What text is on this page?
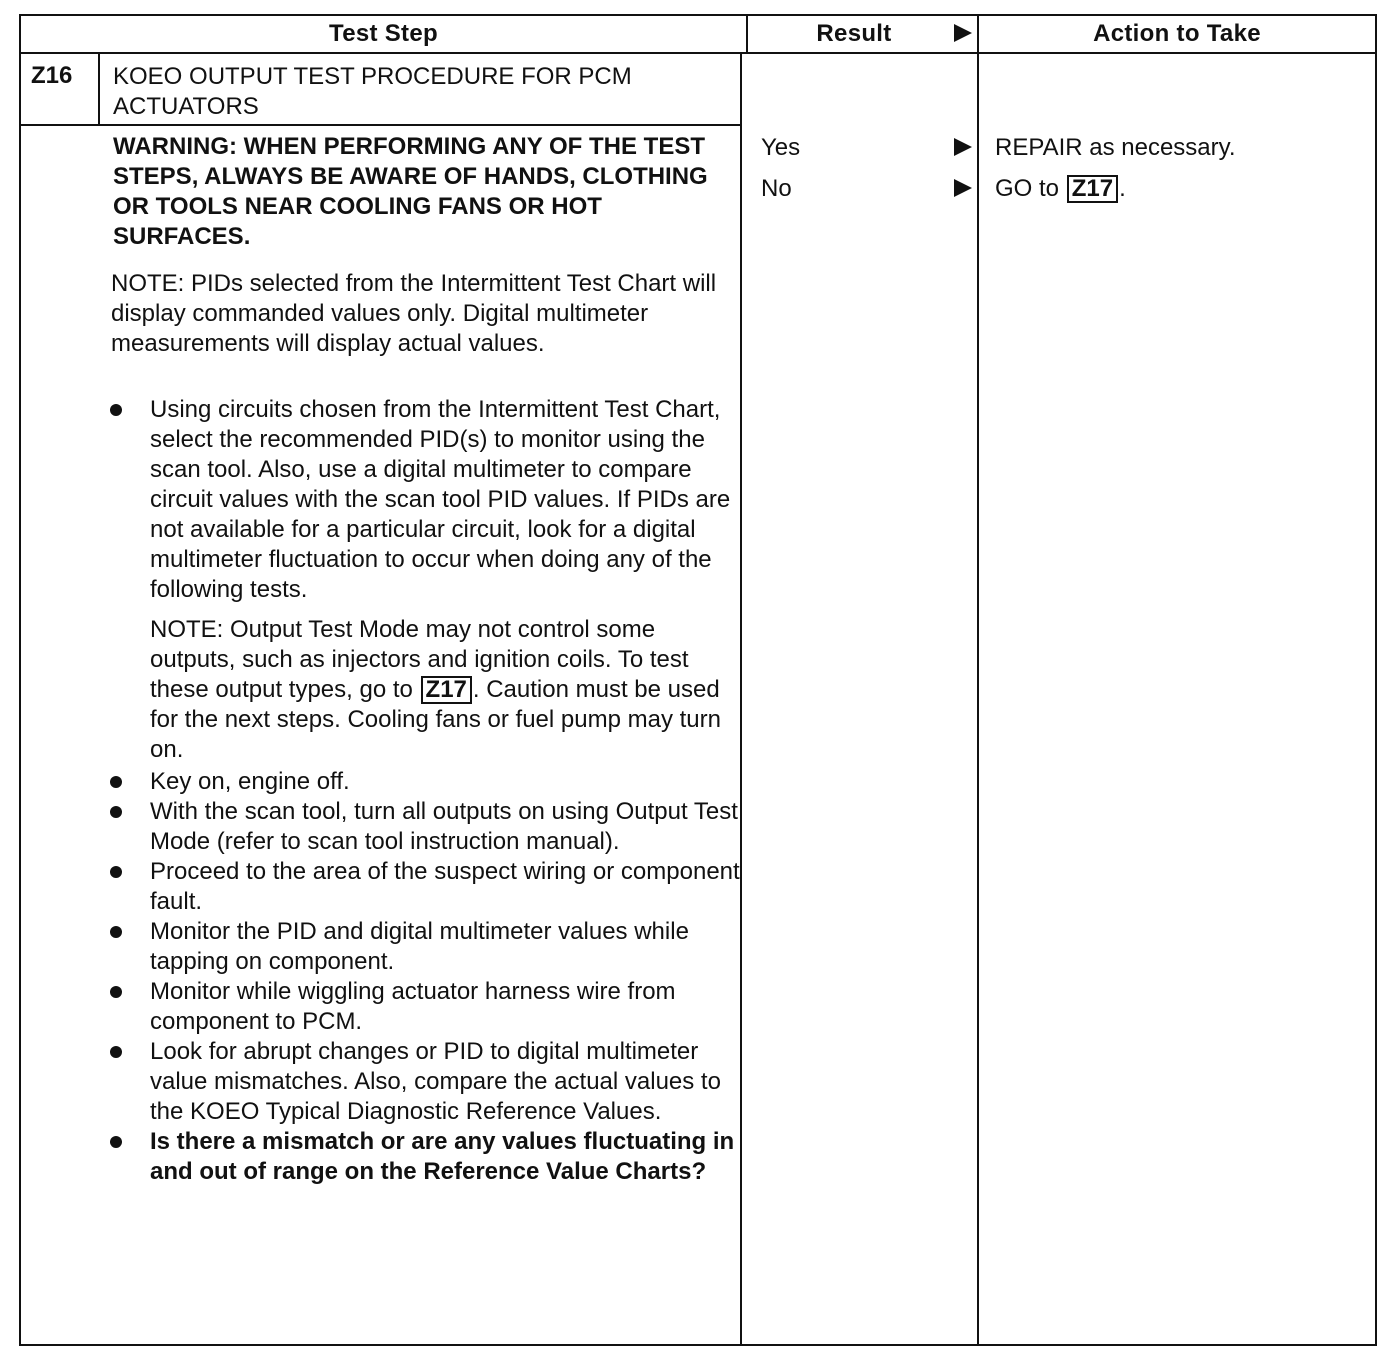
Test Step	Result	Action to Take
Z16 KOEO OUTPUT TEST PROCEDURE FOR PCM ACTUATORS
WARNING: WHEN PERFORMING ANY OF THE TEST STEPS, ALWAYS BE AWARE OF HANDS, CLOTHING OR TOOLS NEAR COOLING FANS OR HOT SURFACES.
NOTE: PIDs selected from the Intermittent Test Chart will display commanded values only. Digital multimeter measurements will display actual values.
Using circuits chosen from the Intermittent Test Chart, select the recommended PID(s) to monitor using the scan tool. Also, use a digital multimeter to compare circuit values with the scan tool PID values. If PIDs are not available for a particular circuit, look for a digital multimeter fluctuation to occur when doing any of the following tests.
NOTE: Output Test Mode may not control some outputs, such as injectors and ignition coils. To test these output types, go to Z17 . Caution must be used for the next steps. Cooling fans or fuel pump may turn on.
Key on, engine off.
With the scan tool, turn all outputs on using Output Test Mode (refer to scan tool instruction manual).
Proceed to the area of the suspect wiring or component fault.
Monitor the PID and digital multimeter values while tapping on component.
Monitor while wiggling actuator harness wire from component to PCM.
Look for abrupt changes or PID to digital multimeter value mismatches. Also, compare the actual values to the KOEO Typical Diagnostic Reference Values.
Is there a mismatch or are any values fluctuating in and out of range on the Reference Value Charts?
Yes	REPAIR as necessary.
No	GO to Z17 .
